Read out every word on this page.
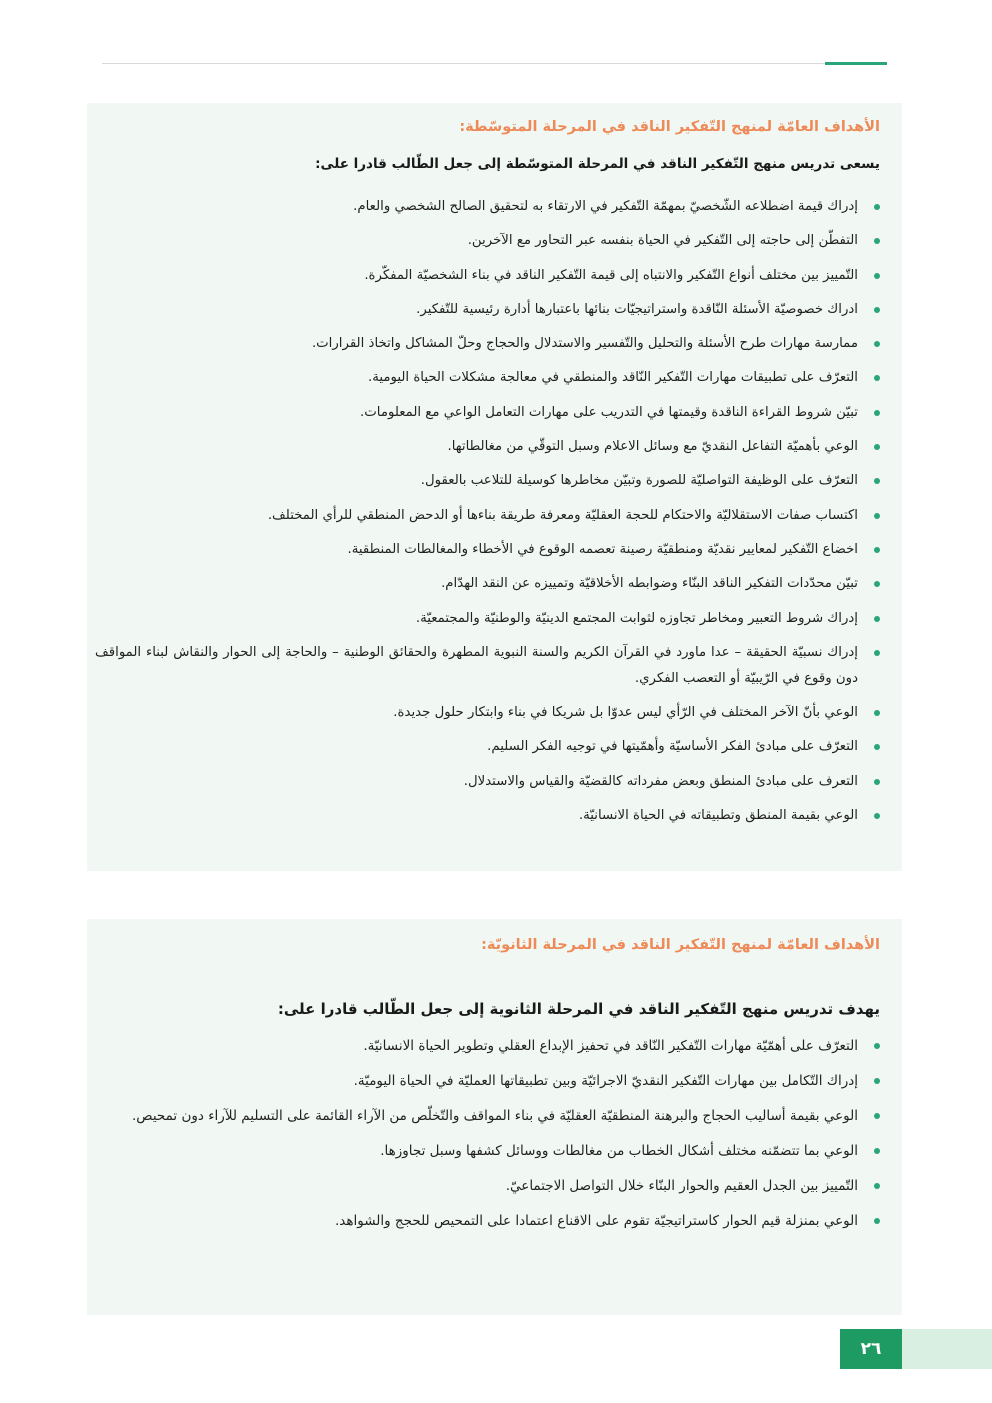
الأهداف العامّة لمنهج التّفكير الناقد في المرحلة المتوسّطة:

يسعى تدريس منهج التّفكير الناقد في المرحلة المتوسّطة إلى جعل الطّالب قادرا على:

إدراك قيمة اضطلاعه الشّخصيّ بمهمّة التّفكير في الارتقاء به لتحقيق الصالح الشخصي والعام.
التفطّن إلى حاجته إلى التّفكير في الحياة بنفسه عبر التحاور مع الآخرين.
التّمييز بين مختلف أنواع التّفكير والانتباه إلى قيمة التّفكير الناقد في بناء الشخصيّة المفكّرة.
ادراك خصوصيّة الأسئلة النّاقدة واستراتيجيّات بنائها باعتبارها أدارة رئيسية للتّفكير.
ممارسة مهارات طرح الأسئلة والتحليل والتّفسير والاستدلال والحجاج وحلّ المشاكل واتخاذ القرارات.
التعرّف على تطبيقات مهارات التّفكير النّاقد والمنطقي في معالجة مشكلات الحياة اليومية.
تبيّن شروط القراءة الناقدة وقيمتها في التدريب على مهارات التعامل الواعي مع المعلومات.
الوعي بأهميّة التفاعل النقديّ مع وسائل الاعلام وسبل التوقّي من مغالطاتها.
التعرّف على الوظيفة التواصليّة للصورة وتبيّن مخاطرها كوسيلة للتلاعب بالعقول.
اكتساب صفات الاستقلاليّة والاحتكام للحجة العقليّة ومعرفة طريقة بناءها أو الدحض المنطقي للرأي المختلف.
اخضاع التّفكير لمعايير نقديّة ومنطقيّة رصينة تعصمه الوقوع في الأخطاء والمغالطات المنطقية.
تبيّن محدّدات التفكير الناقد البنّاء وضوابطه الأخلاقيّة وتمييزه عن النقد الهدّام.
إدراك شروط التعبير ومخاطر تجاوزه لثوابت المجتمع الدينيّة والوطنيّة والمجتمعيّة.
إدراك نسبيّة الحقيقة – عدا ماورد في القرآن الكريم والسنة النبوية المطهرة والحقائق الوطنية – والحاجة إلى الحوار والنقاش لبناء المواقف دون وقوع في الرّيبيّة أو التعصب الفكري.
الوعي بأنّ الآخر المختلف في الرّأي ليس عدوّا بل شريكا في بناء وابتكار حلول جديدة.
التعرّف على مبادئ الفكر الأساسيّة وأهمّيتها في توجيه الفكر السليم.
التعرف على مبادئ المنطق وبعض مفرداته كالقضيّة والقياس والاستدلال.
الوعي بقيمة المنطق وتطبيقاته في الحياة الانسانيّة.
الأهداف العامّة لمنهج التّفكير الناقد في المرحلة الثانويّة:

يهدف تدريس منهج التّفكير الناقد في المرحلة الثانوية إلى جعل الطّالب قادرا على:

التعرّف على أهمّيّة مهارات التّفكير النّاقد في تحفيز الإبداع العقلي وتطوير الحياة الانسانيّة.
إدراك التّكامل بين مهارات التّفكير النقديّ الاجرائيّة وبين تطبيقاتها العمليّة في الحياة اليوميّة.
الوعي بقيمة أساليب الحجاج والبرهنة المنطقيّة العقليّة في بناء المواقف والتّخلّص من الآراء القائمة على التسليم للآراء دون تمحيص.
الوعي بما تتضمّنه مختلف أشكال الخطاب من مغالطات ووسائل كشفها وسبل تجاوزها.
التّمييز بين الجدل العقيم والحوار البنّاء خلال التواصل الاجتماعيّ.
الوعي بمنزلة قيم الحوار كاستراتيجيّة تقوم على الاقناع اعتمادا على التمحيص للحجج والشواهد.
٢٦
